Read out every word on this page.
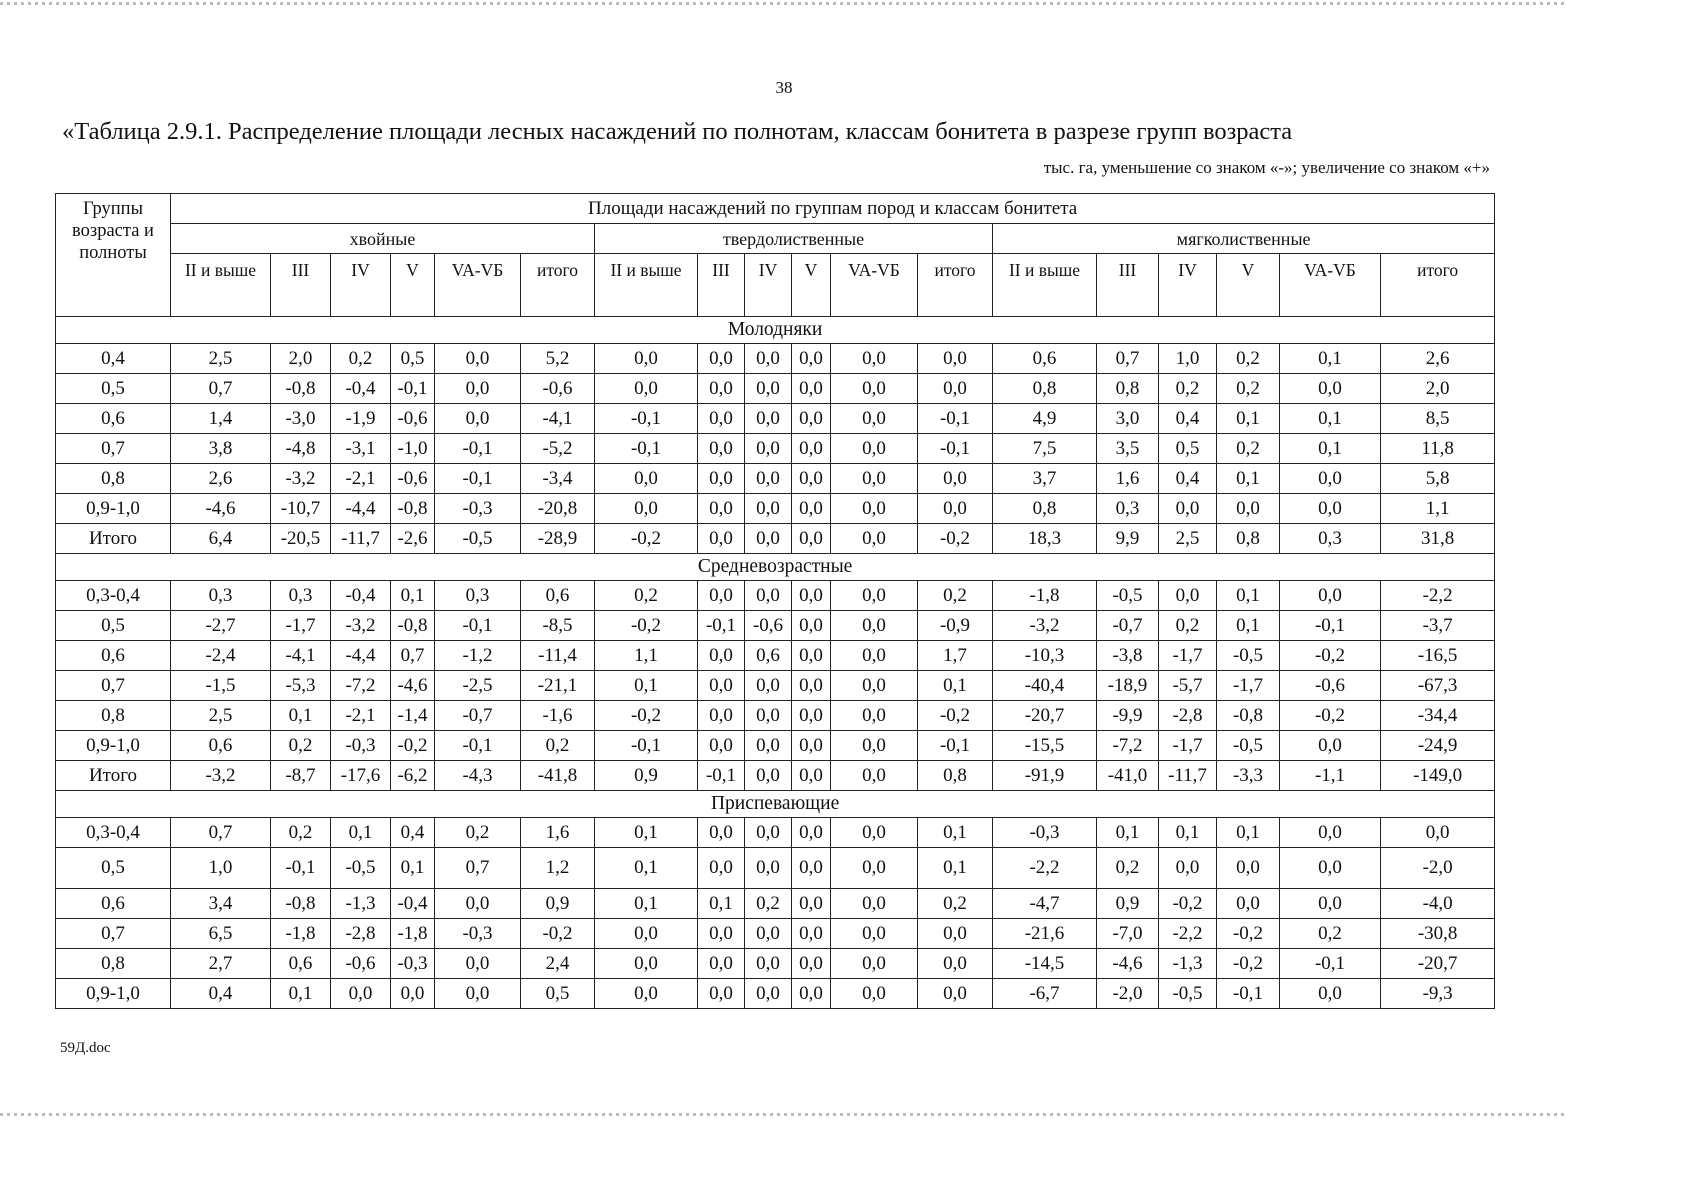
38
«Таблица 2.9.1. Распределение площади лесных насаждений по полнотам, классам бонитета в разрезе групп возраста
тыс. га, уменьшение со знаком «-»; увеличение со знаком «+»
Группы возраста и полноты	Площади насаждений по группам пород и классам бонитета																	
	хвойные						твердолиственные						мягколиственные					
	II и выше	III	IV	V	VA-VБ	итого	II и выше	III	IV	V	VA-VБ	итого	II и выше	III	IV	V	VA-VБ	итого
Молодняки																		
0,4	2,5	2,0	0,2	0,5	0,0	5,2	0,0	0,0	0,0	0,0	0,0	0,0	0,6	0,7	1,0	0,2	0,1	2,6
0,5	0,7	-0,8	-0,4	-0,1	0,0	-0,6	0,0	0,0	0,0	0,0	0,0	0,0	0,8	0,8	0,2	0,2	0,0	2,0
0,6	1,4	-3,0	-1,9	-0,6	0,0	-4,1	-0,1	0,0	0,0	0,0	0,0	-0,1	4,9	3,0	0,4	0,1	0,1	8,5
0,7	3,8	-4,8	-3,1	-1,0	-0,1	-5,2	-0,1	0,0	0,0	0,0	0,0	-0,1	7,5	3,5	0,5	0,2	0,1	11,8
0,8	2,6	-3,2	-2,1	-0,6	-0,1	-3,4	0,0	0,0	0,0	0,0	0,0	0,0	3,7	1,6	0,4	0,1	0,0	5,8
0,9-1,0	-4,6	-10,7	-4,4	-0,8	-0,3	-20,8	0,0	0,0	0,0	0,0	0,0	0,0	0,8	0,3	0,0	0,0	0,0	1,1
Итого	6,4	-20,5	-11,7	-2,6	-0,5	-28,9	-0,2	0,0	0,0	0,0	0,0	-0,2	18,3	9,9	2,5	0,8	0,3	31,8
Средневозрастные																		
0,3-0,4	0,3	0,3	-0,4	0,1	0,3	0,6	0,2	0,0	0,0	0,0	0,0	0,2	-1,8	-0,5	0,0	0,1	0,0	-2,2
0,5	-2,7	-1,7	-3,2	-0,8	-0,1	-8,5	-0,2	-0,1	-0,6	0,0	0,0	-0,9	-3,2	-0,7	0,2	0,1	-0,1	-3,7
0,6	-2,4	-4,1	-4,4	0,7	-1,2	-11,4	1,1	0,0	0,6	0,0	0,0	1,7	-10,3	-3,8	-1,7	-0,5	-0,2	-16,5
0,7	-1,5	-5,3	-7,2	-4,6	-2,5	-21,1	0,1	0,0	0,0	0,0	0,0	0,1	-40,4	-18,9	-5,7	-1,7	-0,6	-67,3
0,8	2,5	0,1	-2,1	-1,4	-0,7	-1,6	-0,2	0,0	0,0	0,0	0,0	-0,2	-20,7	-9,9	-2,8	-0,8	-0,2	-34,4
0,9-1,0	0,6	0,2	-0,3	-0,2	-0,1	0,2	-0,1	0,0	0,0	0,0	0,0	-0,1	-15,5	-7,2	-1,7	-0,5	0,0	-24,9
Итого	-3,2	-8,7	-17,6	-6,2	-4,3	-41,8	0,9	-0,1	0,0	0,0	0,0	0,8	-91,9	-41,0	-11,7	-3,3	-1,1	-149,0
Приспевающие																		
0,3-0,4	0,7	0,2	0,1	0,4	0,2	1,6	0,1	0,0	0,0	0,0	0,0	0,1	-0,3	0,1	0,1	0,1	0,0	0,0
0,5	1,0	-0,1	-0,5	0,1	0,7	1,2	0,1	0,0	0,0	0,0	0,0	0,1	-2,2	0,2	0,0	0,0	0,0	-2,0
0,6	3,4	-0,8	-1,3	-0,4	0,0	0,9	0,1	0,1	0,2	0,0	0,0	0,2	-4,7	0,9	-0,2	0,0	0,0	-4,0
0,7	6,5	-1,8	-2,8	-1,8	-0,3	-0,2	0,0	0,0	0,0	0,0	0,0	0,0	-21,6	-7,0	-2,2	-0,2	0,2	-30,8
0,8	2,7	0,6	-0,6	-0,3	0,0	2,4	0,0	0,0	0,0	0,0	0,0	0,0	-14,5	-4,6	-1,3	-0,2	-0,1	-20,7
0,9-1,0	0,4	0,1	0,0	0,0	0,0	0,5	0,0	0,0	0,0	0,0	0,0	0,0	-6,7	-2,0	-0,5	-0,1	0,0	-9,3
59Д.doc
